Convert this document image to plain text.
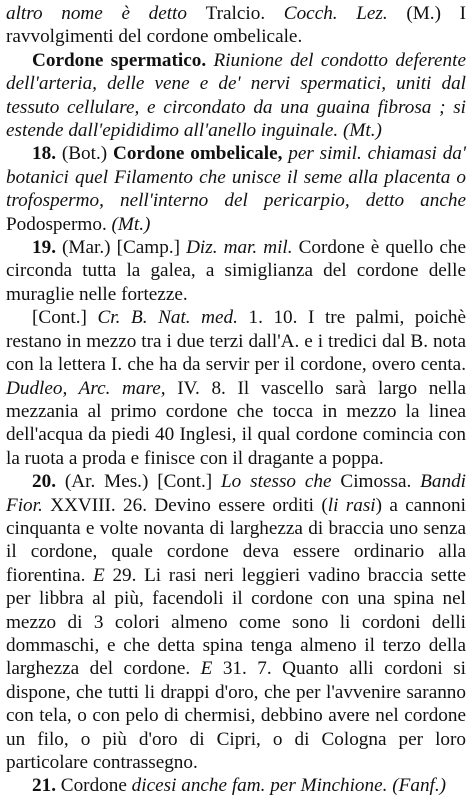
altro nome è detto Tralcio. Cocch. Lez. (M.) I ravvolgimenti del cordone ombelicale.

Cordone spermatico. Riunione del condotto deferente dell'arteria, delle vene e de' nervi spermatici, uniti dal tessuto cellulare, e circondato da una guaina fibrosa ; si estende dall'epididimo all'anello inguinale. (Mt.)

18. (Bot.) Cordone ombelicale, per simil. chiamasi da' botanici quel Filamento che unisce il seme alla placenta o trofospermo, nell'interno del pericarpio, detto anche Podospermo. (Mt.)

19. (Mar.) [Camp.] Diz. mar. mil. Cordone è quello che circonda tutta la galea, a simiglianza del cordone delle muraglie nelle fortezze.

[Cont.] Cr. B. Nat. med. 1. 10. I tre palmi, poichè restano in mezzo tra i due terzi dall'A. e i tredici dal B. nota con la lettera I. che ha da servir per il cordone, overo centa. Dudleo, Arc. mare, IV. 8. Il vascello sarà largo nella mezzania al primo cordone che tocca in mezzo la linea dell'acqua da piedi 40 Inglesi, il qual cordone comincia con la ruota a proda e finisce con il dragante a poppa.

20. (Ar. Mes.) [Cont.] Lo stesso che Cimossa. Bandi Fior. XXVIII. 26. Devino essere orditi (li rasi) a cannoni cinquanta e volte novanta di larghezza di braccia uno senza il cordone, quale cordone deva essere ordinario alla fiorentina. E 29. Li rasi neri leggieri vadino braccia sette per libbra al più, facendoli il cordone con una spina nel mezzo di 3 colori almeno come sono li cordoni delli dommaschi, e che detta spina tenga almeno il terzo della larghezza del cordone. E 31. 7. Quanto alli cordoni si dispone, che tutti li drappi d'oro, che per l'avvenire saranno con tela, o con pelo di chermisi, debbino avere nel cordone un filo, o più d'oro di Cipri, o di Cologna per loro particolare contrassegno.

21. Cordone dicesi anche fam. per Minchione. (Fanf.)
